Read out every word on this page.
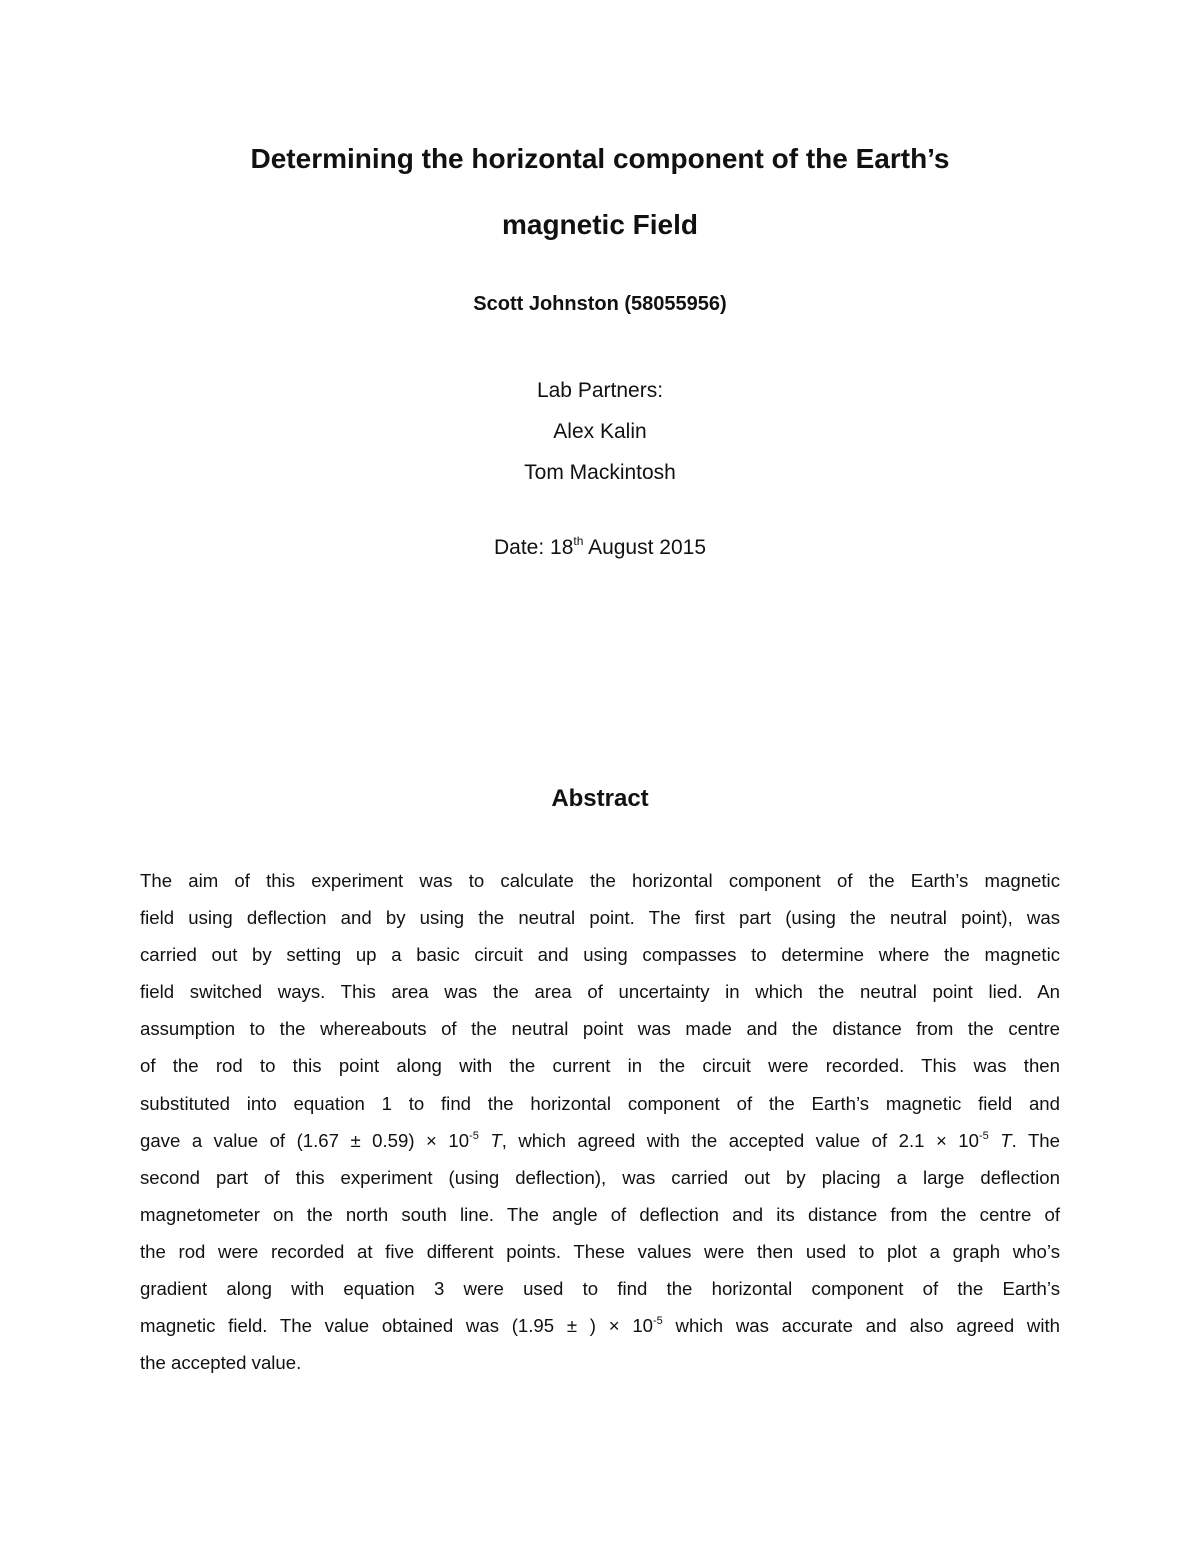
Determining the horizontal component of the Earth’s
magnetic Field

Scott Johnston (58055956)

Lab Partners:
Alex Kalin
Tom Mackintosh

Date: 18th August 2015

Abstract
The aim of this experiment was to calculate the horizontal component of the Earth’s magnetic
field using deflection and by using the neutral point. The first part (using the neutral point), was
carried out by setting up a basic circuit and using compasses to determine where the magnetic
field switched ways. This area was the area of uncertainty in which the neutral point lied. An
assumption to the whereabouts of the neutral point was made and the distance from the centre
of the rod to this point along with the current in the circuit were recorded. This was then
substituted into equation 1 to find the horizontal component of the Earth’s magnetic field and
gave a value of $(1.67 \pm 0.59) \times 10^{-5}$ T, which agreed with the accepted value of $2.1 \times 10^{-5}$ T. The
second part of this experiment (using deflection), was carried out by placing a large deflection
magnetometer on the north south line. The angle of deflection and its distance from the centre of
the rod were recorded at five different points. These values were then used to plot a graph who’s
gradient along with equation 3 were used to find the horizontal component of the Earth’s
magnetic field. The value obtained was (1.95 ± ) × $10^{-5}$ which was accurate and also agreed with
the accepted value.
